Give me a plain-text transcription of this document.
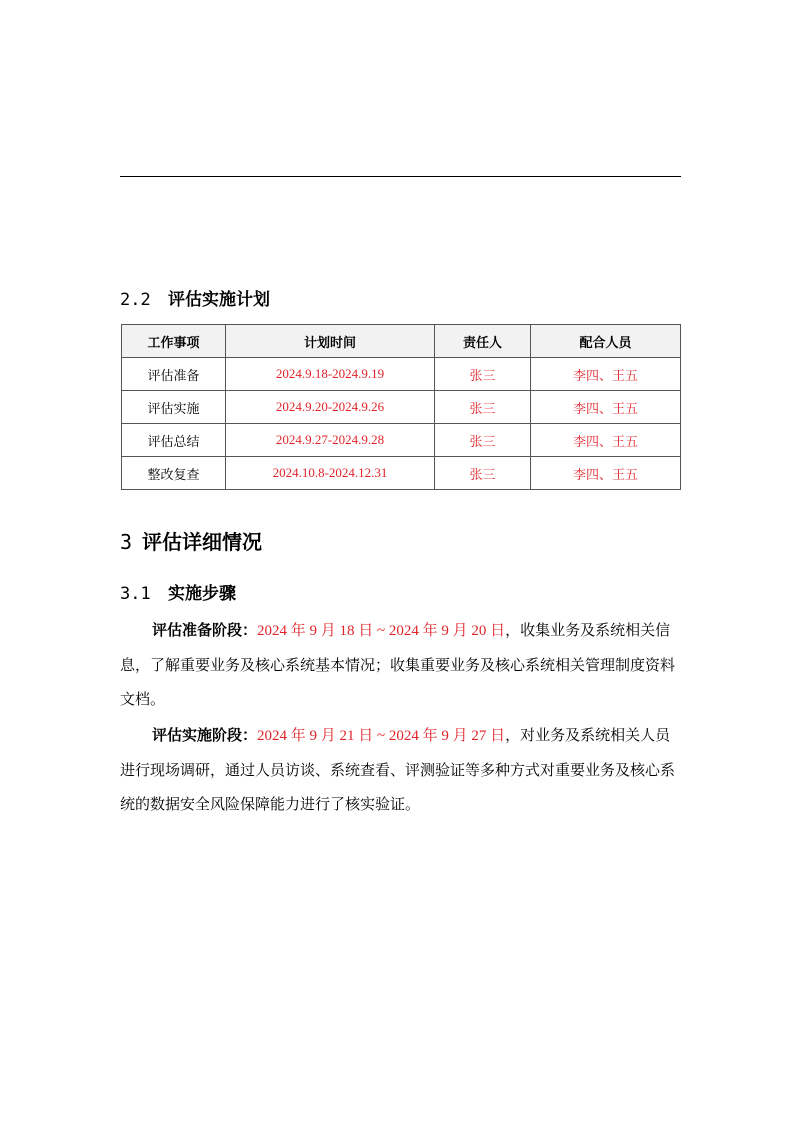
2.2 评估实施计划
工作事项	计划时间	责任人	配合人员
评估准备	2024.9.18-2024.9.19	张三	李四、王五
评估实施	2024.9.20-2024.9.26	张三	李四、王五
评估总结	2024.9.27-2024.9.28	张三	李四、王五
整改复查	2024.10.8-2024.12.31	张三	李四、王五
3 评估详细情况
3.1 实施步骤

评估准备阶段：2024 年 9 月 18 日 ~ 2024 年 9 月 20 日，收集业务及系统相关信息，了解重要业务及核心系统基本情况；收集重要业务及核心系统相关管理制度资料文档。

评估实施阶段：2024 年 9 月 21 日 ~ 2024 年 9 月 27 日，对业务及系统相关人员进行现场调研，通过人员访谈、系统查看、评测验证等多种方式对重要业务及核心系统的数据安全风险保障能力进行了核实验证。
